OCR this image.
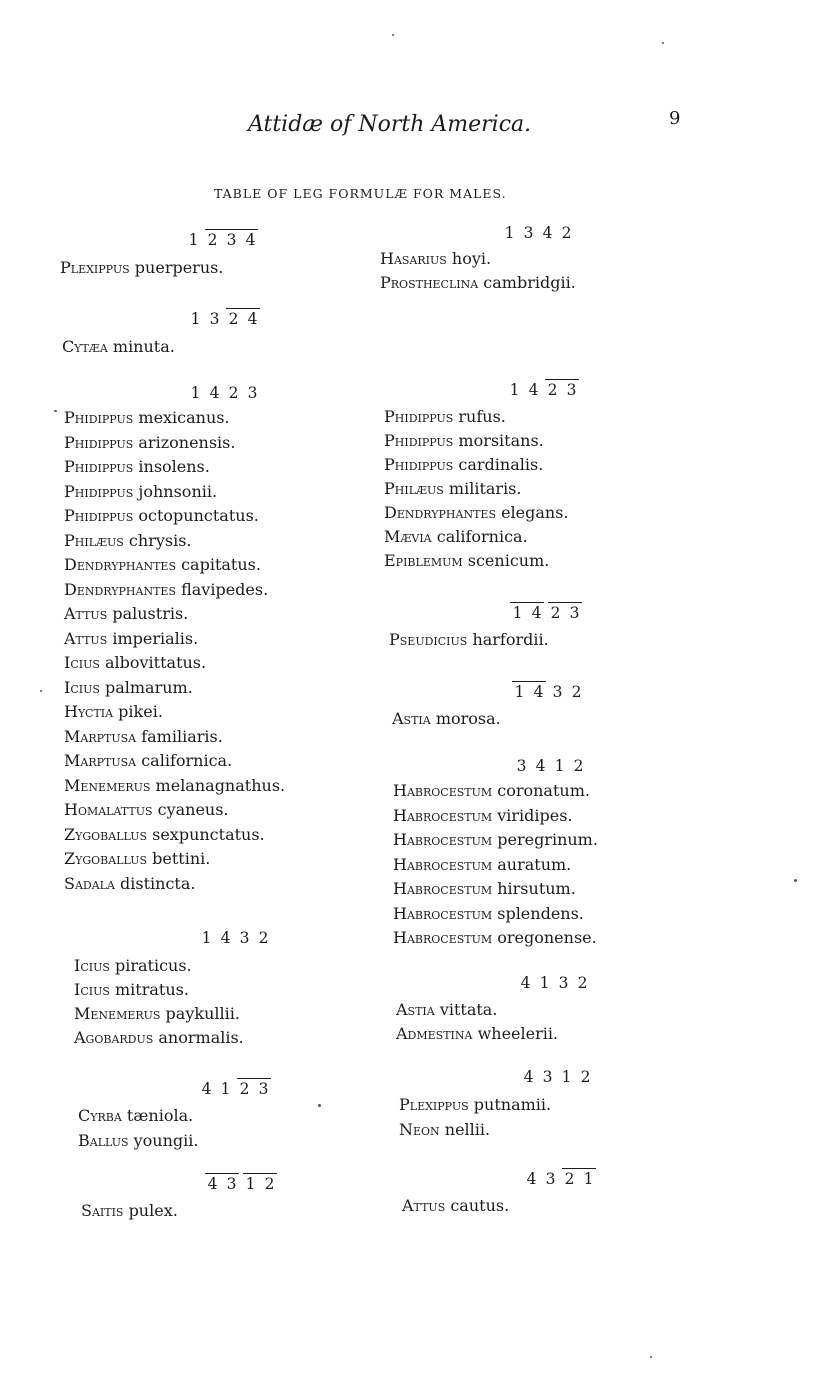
Attidæ of North America.	9
TABLE OF LEG FORMULÆ FOR MALES.
1 2 3 4
Plexippus puerperus.
1 3 2 4
Cytæa minuta.
1 4 2 3
Phidippus mexicanus.
Phidippus arizonensis.
Phidippus insolens.
Phidippus johnsonii.
Phidippus octopunctatus.
Philæus chrysis.
Dendryphantes capitatus.
Dendryphantes flavipedes.
Attus palustris.
Attus imperialis.
Icius albovittatus.
Icius palmarum.
Hyctia pikei.
Marptusa familiaris.
Marptusa californica.
Menemerus melanagnathus.
Homalattus cyaneus.
Zygoballus sexpunctatus.
Zygoballus bettini.
Sadala distincta.
1 4 3 2
Icius piraticus.
Icius mitratus.
Menemerus paykullii.
Agobardus anormalis.
4 1 2 3
Cyrba tæniola.
Ballus youngii.
4 3 1 2
Saitis pulex.
1 3 4 2
Hasarius hoyi.
Prostheclina cambridgii.
1 4 2 3
Phidippus rufus.
Phidippus morsitans.
Phidippus cardinalis.
Philæus militaris.
Dendryphantes elegans.
Mævia californica.
Epiblemum scenicum.
1 4 2 3
Pseudicius harfordii.
1 4 3 2
Astia morosa.
3 4 1 2
Habrocestum coronatum.
Habrocestum viridipes.
Habrocestum peregrinum.
Habrocestum auratum.
Habrocestum hirsutum.
Habrocestum splendens.
Habrocestum oregonense.
4 1 3 2
Astia vittata.
Admestina wheelerii.
4 3 1 2
Plexippus putnamii.
Neon nellii.
4 3 2 1
Attus cautus.
